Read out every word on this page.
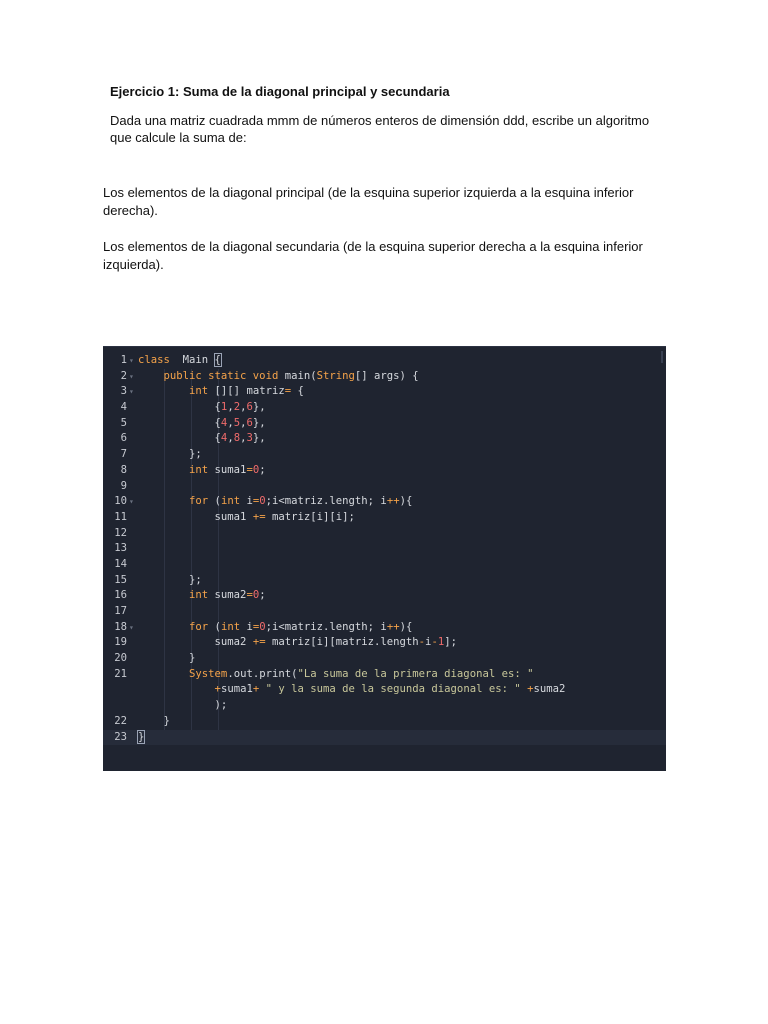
Ejercicio 1: Suma de la diagonal principal y secundaria

Dada una matriz cuadrada mmm de números enteros de dimensión ddd, escribe un algoritmo que calcule la suma de:

Los elementos de la diagonal principal (de la esquina superior izquierda a la esquina inferior derecha).

Los elementos de la diagonal secundaria (de la esquina superior derecha a la esquina inferior izquierda).

1 ▾ class  Main {
2 ▾	public static void main(String[] args) {
3 ▾	int [][] matriz= {
4 {1,2,6},
5 {4,5,6},
6 {4,8,3},
7 };
8	int suma1=0;
9
10 ▾	for (int i=0;i<matriz.length; i++){
11 suma1 += matriz[i][i];
12
13
14
15 };
16	int suma2=0;
17
18 ▾	for (int i=0;i<matriz.length; i++){
19 suma2 += matriz[i][matriz.length-i-1];
20 }
21	System.out.print("La suma de la primera diagonal es: "
+suma1+ " y la suma de la segunda diagonal es: " +suma2
);
22 }
23 }
